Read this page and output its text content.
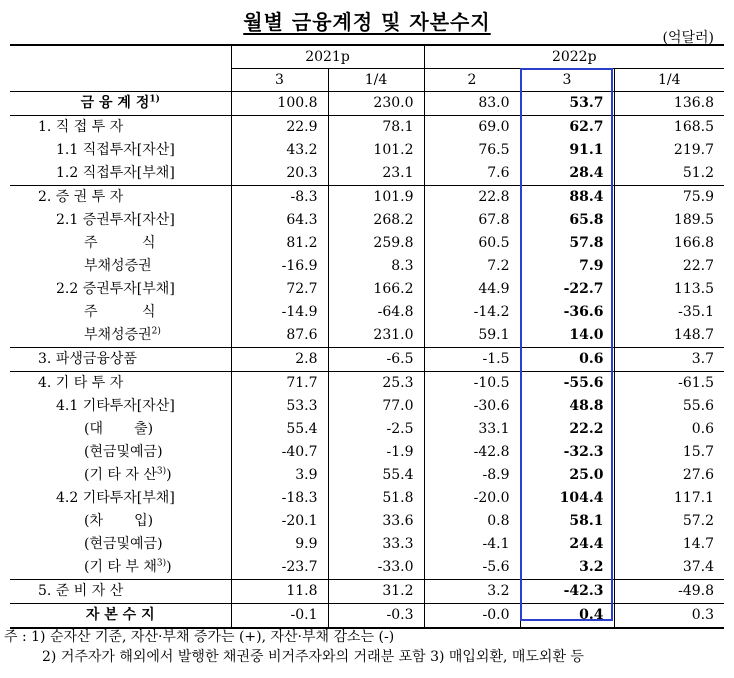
월별 금융계정 및 자본수지
(억달러)
	2021p		2022p		
	3	1/4	2	3	1/4
금 융 계 정$^{1)}$	100.8	230.0	83.0	53.7	136.8
1. 직 접 투 자	22.9	78.1	69.0	62.7	168.5
1.1 직접투자[자산]	43.2	101.2	76.5	91.1	219.7
1.2 직접투자[부채]	20.3	23.1	7.6	28.4	51.2
2. 증 권 투 자	-8.3	101.9	22.8	88.4	75.9
2.1 증권투자[자산]	64.3	268.2	67.8	65.8	189.5
주          식	81.2	259.8	60.5	57.8	166.8
부채성증권	-16.9	8.3	7.2	7.9	22.7
2.2 증권투자[부채]	72.7	166.2	44.9	-22.7	113.5
주          식	-14.9	-64.8	-14.2	-36.6	-35.1
부채성증권$^{2)}$	87.6	231.0	59.1	14.0	148.7
3. 파생금융상품	2.8	-6.5	-1.5	0.6	3.7
4. 기 타 투 자	71.7	25.3	-10.5	-55.6	-61.5
4.1 기타투자[자산]	53.3	77.0	-30.6	48.8	55.6
(대       출)	55.4	-2.5	33.1	22.2	0.6
(현금및예금)	-40.7	-1.9	-42.8	-32.3	15.7
(기 타 자 산$^{3)}$)	3.9	55.4	-8.9	25.0	27.6
4.2 기타투자[부채]	-18.3	51.8	-20.0	104.4	117.1
(차       입)	-20.1	33.6	0.8	58.1	57.2
(현금및예금)	9.9	33.3	-4.1	24.4	14.7
(기 타 부 채$^{3)}$)	-23.7	-33.0	-5.6	3.2	37.4
5. 준 비 자 산	11.8	31.2	3.2	-42.3	-49.8
자 본 수 지	-0.1	-0.3	-0.0	0.4	0.3
주 : 1) 순자산 기준, 자산·부채 증가는 (+), 자산·부채 감소는 (-)
2) 거주자가 해외에서 발행한 채권중 비거주자와의 거래분 포함 3) 매입외환, 매도외환 등
